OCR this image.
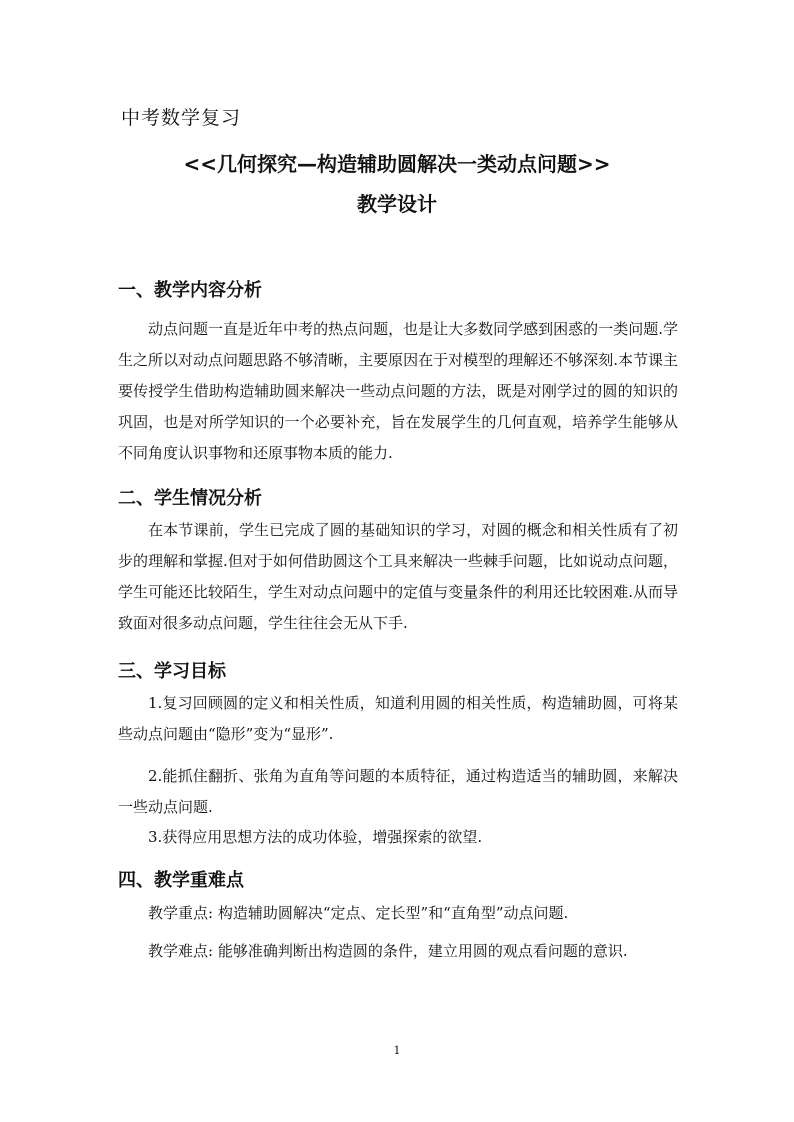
中考数学复习
<<几何探究—构造辅助圆解决一类动点问题>>
教学设计
一、教学内容分析
动点问题一直是近年中考的热点问题，也是让大多数同学感到困惑的一类问题.学生之所以对动点问题思路不够清晰，主要原因在于对模型的理解还不够深刻.本节课主要传授学生借助构造辅助圆来解决一些动点问题的方法，既是对刚学过的圆的知识的巩固，也是对所学知识的一个必要补充，旨在发展学生的几何直观，培养学生能够从不同角度认识事物和还原事物本质的能力.
二、学生情况分析
在本节课前，学生已完成了圆的基础知识的学习，对圆的概念和相关性质有了初步的理解和掌握.但对于如何借助圆这个工具来解决一些棘手问题，比如说动点问题，学生可能还比较陌生，学生对动点问题中的定值与变量条件的利用还比较困难.从而导致面对很多动点问题，学生往往会无从下手.
三、学习目标
1.复习回顾圆的定义和相关性质，知道利用圆的相关性质，构造辅助圆，可将某些动点问题由“隐形”变为“显形”.
2.能抓住翻折、张角为直角等问题的本质特征，通过构造适当的辅助圆，来解决一些动点问题.
3.获得应用思想方法的成功体验，增强探索的欲望.
四、教学重难点
教学重点: 构造辅助圆解决“定点、定长型”和“直角型”动点问题.
教学难点: 能够准确判断出构造圆的条件，建立用圆的观点看问题的意识.
1
